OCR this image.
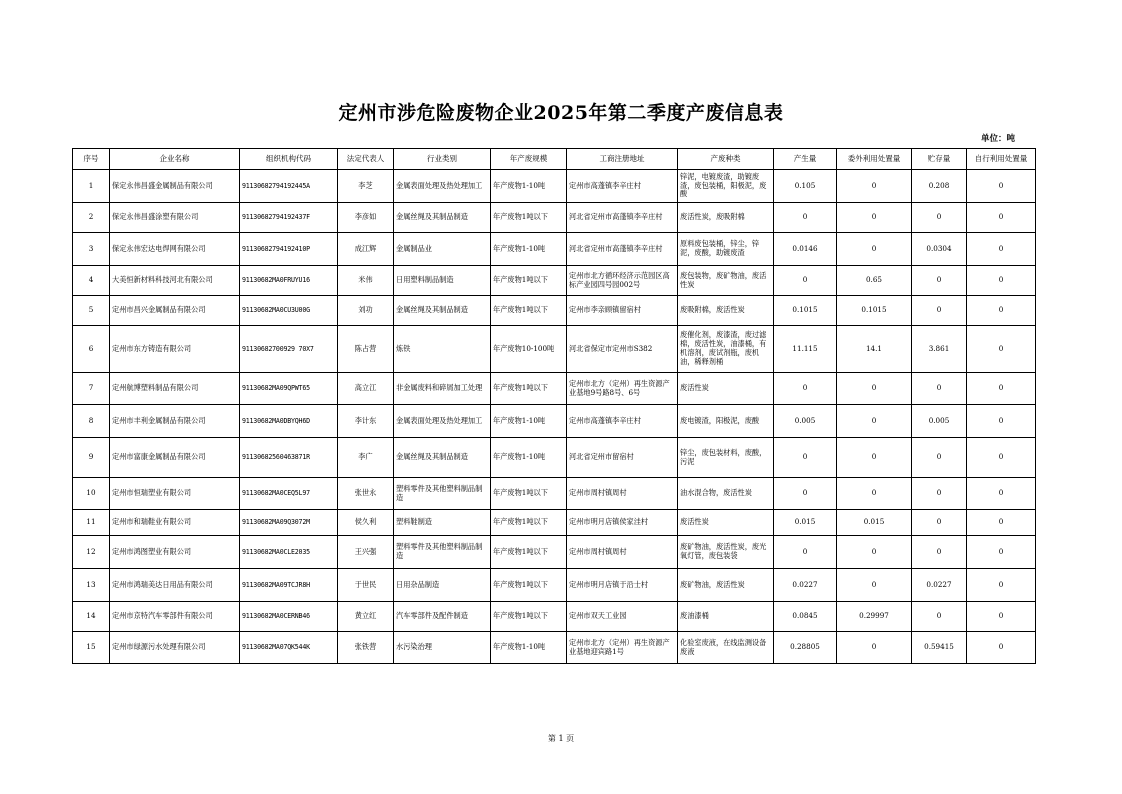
定州市涉危险废物企业2025年第二季度产废信息表
单位：吨
序号	企业名称	组织机构代码	法定代表人	行业类别	年产废规模	工商注册地址	产废种类	产生量	委外利用处置量	贮存量	自行利用处置量
1	保定永伟昌盛金属制品有限公司	91130682794192445A	李芝	金属表面处理及热处理加工	年产废物1-10吨	定州市高蓬镇李辛庄村	锌泥，电镀废渣，助镀废渣，废包装桶，阳极泥，废酸	0.105	0	0.208	0
2	保定永伟昌盛涂塑有限公司	91130682794192437F	李彦如	金属丝绳及其制品制造	年产废物1吨以下	河北省定州市高蓬镇李辛庄村	废活性炭，废吸附棉	0	0	0	0
3	保定永伟宏达电焊网有限公司	91130682794192410P	成江辉	金属制品业	年产废物1-10吨	河北省定州市高蓬镇李辛庄村	原料废包装桶，锌尘，锌泥，废酸，助镀废渣	0.0146	0	0.0304	0
4	大美恒新材料科技河北有限公司	91130682MA0FRUYU16	米伟	日用塑料制品制造	年产废物1吨以下	定州市北方循环经济示范园区高标产业园四号园002号	废包装物，废矿物油，废活性炭	0	0.65	0	0
5	定州市昌兴金属制品有限公司	91130682MA0CU3U00G	刘功	金属丝绳及其制品制造	年产废物1吨以下	定州市李亲顾镇留宿村	废吸附棉，废活性炭	0.1015	0.1015	0	0
6	定州市东方铸造有限公司	91130682700929 70X7	陈占营	炼铁	年产废物10-100吨	河北省保定市定州市S382	废催化剂，废漆渣，废过滤棉，废活性炭，油漆桶，有机溶剂，废试剂瓶，废机油，稀释剂桶	11.115	14.1	3.861	0
7	定州航博塑料制品有限公司	91130682MA09QPWT65	高立江	非金属废料和碎屑加工处理	年产废物1吨以下	定州市北方（定州）再生资源产业基地9号路8号、6号	废活性炭	0	0	0	0
8	定州市丰利金属制品有限公司	91130682MA0DBYQH6D	李计东	金属表面处理及热处理加工	年产废物1-10吨	定州市高蓬镇李辛庄村	废电镀渣，阳极泥，废酸	0.005	0	0.005	0
9	定州市富康金属制品有限公司	91130682560463871R	李广	金属丝绳及其制品制造	年产废物1-10吨	河北省定州市留宿村	锌尘，废包装材料，废酸，污泥	0	0	0	0
10	定州市恒瑞塑业有限公司	91130682MA0CEQ5L97	张世永	塑料零件及其他塑料制品制造	年产废物1吨以下	定州市周村镇周村	油水混合物，废活性炭	0	0	0	0
11	定州市和瑞鞋业有限公司	91130682MA09Q3072M	侯久利	塑料鞋制造	年产废物1吨以下	定州市明月店镇侯家洼村	废活性炭	0.015	0.015	0	0
12	定州市鸿图塑业有限公司	91130682MA0CLE2035	王兴强	塑料零件及其他塑料制品制造	年产废物1吨以下	定州市周村镇周村	废矿物油，废活性炭，废光氧灯管，废包装袋	0	0	0	0
13	定州市鸿瑞美达日用品有限公司	91130682MA09TCJR8H	于世民	日用杂品制造	年产废物1吨以下	定州市明月店镇于沿士村	废矿物油，废活性炭	0.0227	0	0.0227	0
14	定州市京特汽车零部件有限公司	91130682MA0CERNB46	黄立红	汽车零部件及配件制造	年产废物1吨以下	定州市双天工业园	废油漆桶	0.0845	0.29997	0	0
15	定州市绿源污水处理有限公司	91130682MA07QK544K	张铁营	水污染治理	年产废物1-10吨	定州市北方（定州）再生资源产业基地迎宾路1号	化验室废液，在线监测设备废液	0.28805	0	0.59415	0
第 1 页
